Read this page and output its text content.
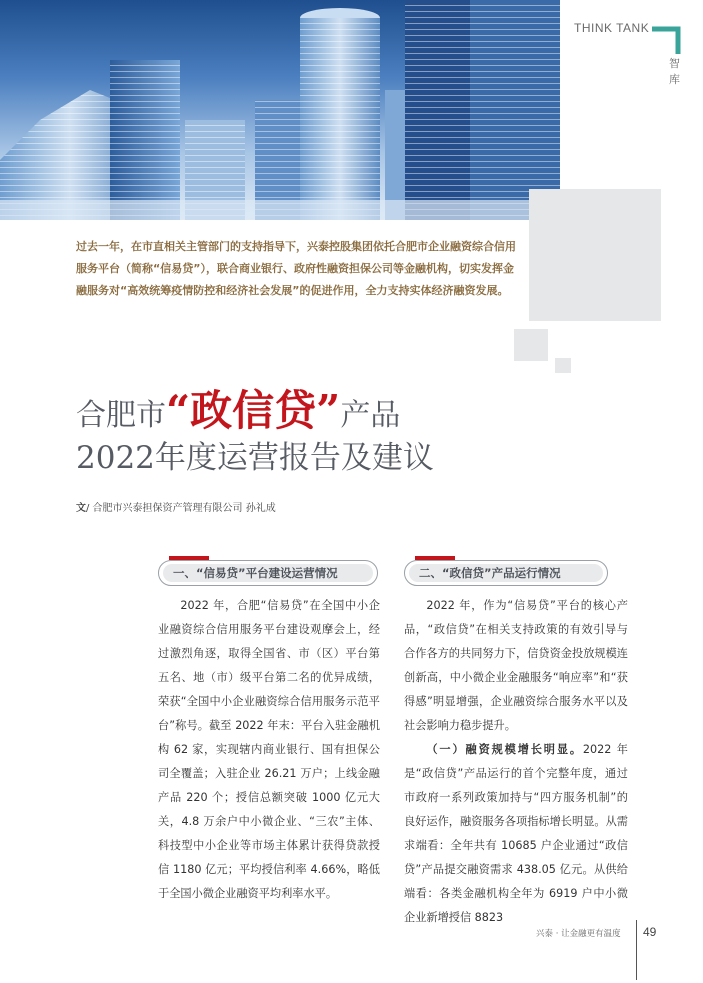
THINK TANK
智库
过去一年，在市直相关主管部门的支持指导下，兴泰控股集团依托合肥市企业融资综合信用服务平台（简称“信易贷”），联合商业银行、政府性融资担保公司等金融机构，切实发挥金融服务对“高效统筹疫情防控和经济社会发展”的促进作用，全力支持实体经济融资发展。
合肥市“政信贷”产品
2022年度运营报告及建议
文/ 合肥市兴泰担保资产管理有限公司 孙礼成
一、“信易贷”平台建设运营情况	二、“政信贷”产品运行情况

2022 年，合肥“信易贷”在全国中小企业融资综合信用服务平台建设观摩会上，经过激烈角逐，取得全国省、市（区）平台第五名、地（市）级平台第二名的优异成绩，荣获“全国中小企业融资综合信用服务示范平台”称号。截至 2022 年末：平台入驻金融机构 62 家，实现辖内商业银行、国有担保公司全覆盖；入驻企业 26.21 万户；上线金融产品 220 个；授信总额突破 1000 亿元大关，4.8 万余户中小微企业、“三农”主体、科技型中小企业等市场主体累计获得贷款授信 1180 亿元；平均授信利率 4.66%，略低于全国小微企业融资平均利率水平。

2022 年，作为“信易贷”平台的核心产品，“政信贷”在相关支持政策的有效引导与合作各方的共同努力下，信贷资金投放规模连创新高，中小微企业金融服务“响应率”和“获得感”明显增强，企业融资综合服务水平以及社会影响力稳步提升。

（一）融资规模增长明显。2022 年是“政信贷”产品运行的首个完整年度，通过市政府一系列政策加持与“四方服务机制”的良好运作，融资服务各项指标增长明显。从需求端看：全年共有 10685 户企业通过“政信贷”产品提交融资需求 438.05 亿元。从供给端看：各类金融机构全年为 6919 户中小微企业新增授信 8823

兴泰 · 让金融更有温度 49
